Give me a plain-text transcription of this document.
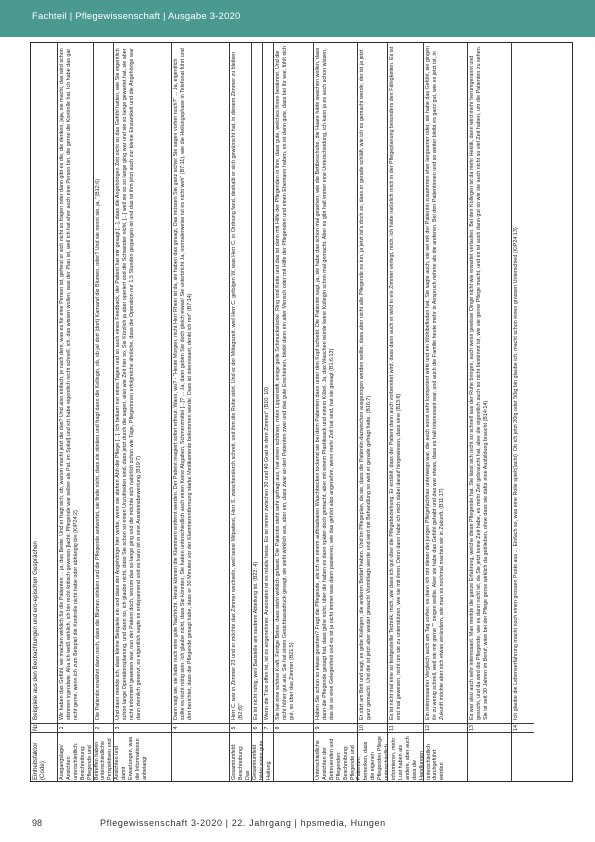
Fachteil | Pflegewissenschaft | Ausgabe 3-2020
Einheitsfaktor (Code)
Nr.
Beispiele aus den Beobachtungen und ero-epischen Gesprächen
Ausgangslage/ Ansichten unterschiedlich: Beschreibung: Pflegende und Betreffen haben unterschiedliche Perspektiven und Ansichten und damit Erwartungen, was die Informationen anbelangt
1
Wir haben das Gefühl, wir machen wirklich für die Patienten ... ja, das Beste. Und er fragt sich, ob, warum macht jetzt die das? Und also einfach, je nach dem, was es für eine Person ist, gefreut er sich nicht so fragen oder dann gibt es die, die denken, jaja, sie macht, das wird schon stimmen irgendwie. Aha ich weiß wirklich, ich bin recht kritisch gewesen [lacht: Pflegende war selber als Pat. im Spital] und ich habe eigentlich recht schnell, ich, das wissen wollen, was der Plan ist, weil ich hat eher auch eine Person bin, die gerne die Kontrolle hat. Ich habe das gar nicht gerne, wenn ich zum Beispiel die Kontrolle nicht habe oder abhängig bin (KIP24:2)
2
Die Patientin erwähnt dann noch, dass die Blumen stinken und die Pflegende antwortet, sie finde nicht, dass sie stinken und fragt dann die Kollegin, ob, ob ja/ dort (dort) Kamand die Blumen, oder? Und sie nennt sie, ja, "(B12:6)
3
Und dann merkte ich, dass kleine Beispiele ein und dass der Angehörige hier verbe, wenn sie stehen Ähh die Pflege [...]. Ich bekam nur eines Tages und so auch eines Feedback, der Patient hat mir gesagt [...], dass die Angehörigen Zeit nicht so das Gefühl hatten, wie Sie eigentlich schon lange Operationsplanung, und dann so, ich glaube nicht, dass Sie schon so einen Unzufrieden sind, dass jetzt durch die sagen, also wie Zeit hier so, Sie Kürzlich ja aber operiert und die Schwester nicht, [...] weil sie so so lange ging war und sie so lange gewartet hat, sie aber nicht informiert gewesen war, nun der Patient doch, worum das so lange ging und die möchte sich natürlich schon wie Tage, Pflegerinnen erfolgreiche ähnliche, dass die Operation nur 1,5 Stunden gegangen ist und das ist ihm jetzt auch zur kleine Einsamkeit und die Angehörige war dann ziemlich genervt, es eigentlich sagte es entspannend und es kann ist in eine Aussteinsbewertung (B19:7)
4
Dann sagt sie, sie habe noch eine gute Nachricht. Heute können die Klammern entfernt werden. Der Patient reagiert sofort erfreut: Wann, wo? - "Heute Morgen, nicht Herr Rhein ist da, sie haben das gesagt, Das müssen Sie ganz sicher Sie sagen vorher noch?" ... Ja, eigentlich sollte es nicht nötig sein. Ich glaube nicht, dass Sie könnten, Sie haben unterschiedlich auch einen Keine Abgaben, Schmerzmittel [...]? ... Ja, dann geben Sie doch gleich etwas! Sie unterbricht Ja, normalerweise tut es nicht weh" (B7:11), wie die Heilungsphase in Telefonat führt und dort berichtet, dass die Pflegende gesagt habe, dass er 30 Minuten vor der Klammerentfernung starke Medikamente bekommen werde. Dass ist interessant, denkt ich mir" (B7:14)
Gesamtumfeld: Beschreibung: Das Gesamtumfeld bildet einen gute Haltung
5
Herr C. war in Zimmer 23 und er möchte das Zimmer wechseln, weil seine Mitpatient, Herr S. zwischendurch schreit, und ihm die Ruhe stört. Und er der Mittagszeit, weil Herr C. gefolgen W, was Herr C. in Ordnung fand, deshalb er sich gewünscht hat, in diesem Zimmer zu bleiben (B2:8)"
6
Es ist nicht ruhig, weil Baustelle am saubere Abteilung ist. (B22: 4)
7
Wenn die Türe offen ist, ist es angenehmer. Ansonsten ist es relativ heiss. Es ist immer zwischen 30 und 40 Grad in dem Zimmer" (B10: 10)
8
Sie hat eine schöne Kraft. Fertige Beine, dass steht wirklich gefasst. Die Patientin steht sehr gefragt aus, hat einen schönen, roten Lippenstift, einige geile Schmuckstücke. Ring und Kette und das ist dann mit Hilfe der Pflegenden in ihre, dass gute, welches ihnen bestimmt. Und die nicht höher gut aus. Sie hat einen Gesichtsausdruck gesagt, sie sieht wirklich aus, aber ein, dass zwar an den Patienten zwei und das gute Erscheinen, bleibt dann ein alter Mensch oder mit Hilfe der Pflegenden und einen Ehemann haben, es ist dann gute, dass bei Ihr war, fühlt sich gut, so über das Zimmer (B21:5)
Unterschiedliche Ansichten der Betreuenden und Pflegenden: Beschreibung: Pflegende und Patienten bemerken, dass die eigenen Pflegenden Pflege unterschiedlich informieren, mehr Lust haben als andere, aber auch dass die Handlungen unterschiedlich durchgeführt werden
9
Haben Sie schon so etwas gesehen? Fragt die Pflegende, als ich an einem aufblasbaren Waschbecken tockend sie bei dem Patienten dann unter den Kopf schiebt. Die Patientin sagt, ja, sie habe das schon mal gesehen, wie die Bettbeschuhe, die Haare hätte waschen wollen, dass dann die Pflegende gesagt hat, dass gehe nicht, über die haben es dann später doch gemacht, aber mit einem Plastiksack und einem Kübel. Ja, das Waschen würde keine Kollegin schon mal gemacht. Aber es gibt halt immer eine Unterscheidung, ich kann ja es auch schon wissen, das ist so eine Gelegenheit und es ist ja nicht immer was dann passieren, wie das gehört also angenehm, wenn mehr Zeit hat sind, hat sie gesagt (B1:6:13)
10
Er sitzt am Bett und sagt, es gebe Kollegen, die anderen Bedarf haben. Und im Pflegeplan, da sie, dass die Patientin dazwischen ausgezogen werden wollte, dass aber nicht alle Pflegende es tun, ja jetzt ist's doch so, dass er gerade schläft, wie ich es gemacht werde, der ist ja jetzt ganz gemacht. Und die ist jetzt aber wieder gewacht Vormittags werde und wird mit Behandlung so weit er gerade gefragt hatte. (B16:7)
11
Es ist nicht mal eine so festgestellte Technik, mich, wie dass ich gut über die Pflegebeziehung. Er erzählt, dass der Patient dann auch vorbereitet wird, dass dann auch er wird in ein Zimmer verlegt, mich, ich hätte natürlich mich in der Pflegeplanung besonders den Fähigkeiten. Es ist erst mal gewesen, nicht um sie zu unterstützen, wie sie mit ihren. Denn dann habe ich mich dabei darauf hingewiesen, dass eine (B13:8)
12
Ein interessanter Vergleich auch am Tag vorher, es dann ich mit dieser der jungen Pflegefachfrau unterwegs war, die auch sonst sehr kompetent wirkt und ein Wohlbefinden hat. Sie sagte auch, sie sei mit der Patientin zusammen eher langsamer oder, sie habe das Gefühl, sie gingen ihr zu wenig schnell, weil sie mir gerne "" zeigen wollte. Aber sie habe das Gefühl gehabt und das war etwas, dass es halt interessant war, und auch die Familie heute mehr in Anspruch nehme als die anderen. Bei den Patientinnen und so weiter bleibt es ganz gut, wie es jetzt ist, in Zukunft möchte aber sich etwas verändern, wie man es nochmal machen wir in Zukunft. (B11:17)
13
Es war also auch sehr interessant. Man merkte die ganze Erfahrung, welche diese Pflegende hat. Sie lässt sich nicht so schnell aus der Ruhe bringen, auch wenn gewisse Dinge nicht wie erwartet verlaufen. Bei den Kollegen ist da mehr Hektik, dann wird mehr herumgerannt und gesucht, und da wird die Pflegende, wie es dann nicht ist, da Sie jetzt keine Zeit habe, es mehr Zeit gebraucht hat, aber die eigentlich auch so nicht bestimmt ist, wie sie gerne Pflege macht, und es ist auch dann gut so wie sie auch nicht so viel Zeit haben, um die Patienten zu sehen. Sie ist seit 30 Jahren im Beruf, wäre bei der Pflege gerne wirklich da geblieben, ohne dass sie dafür eine Ausbildung braucht (B14:14)
14
Ich glaube die Lebenserfahrung macht noch einen grossen Punkt aus ... Einfach so, was eine Rolle spielt(lacht). Ob ich jetzt 20ig oder 50ig bin glaube ich, macht schon einen grossen Unterschied (KIP24:13)
98	Pflegewissenschaft 3-2020 | 22. Jahrgang | hpsmedia, Hungen
